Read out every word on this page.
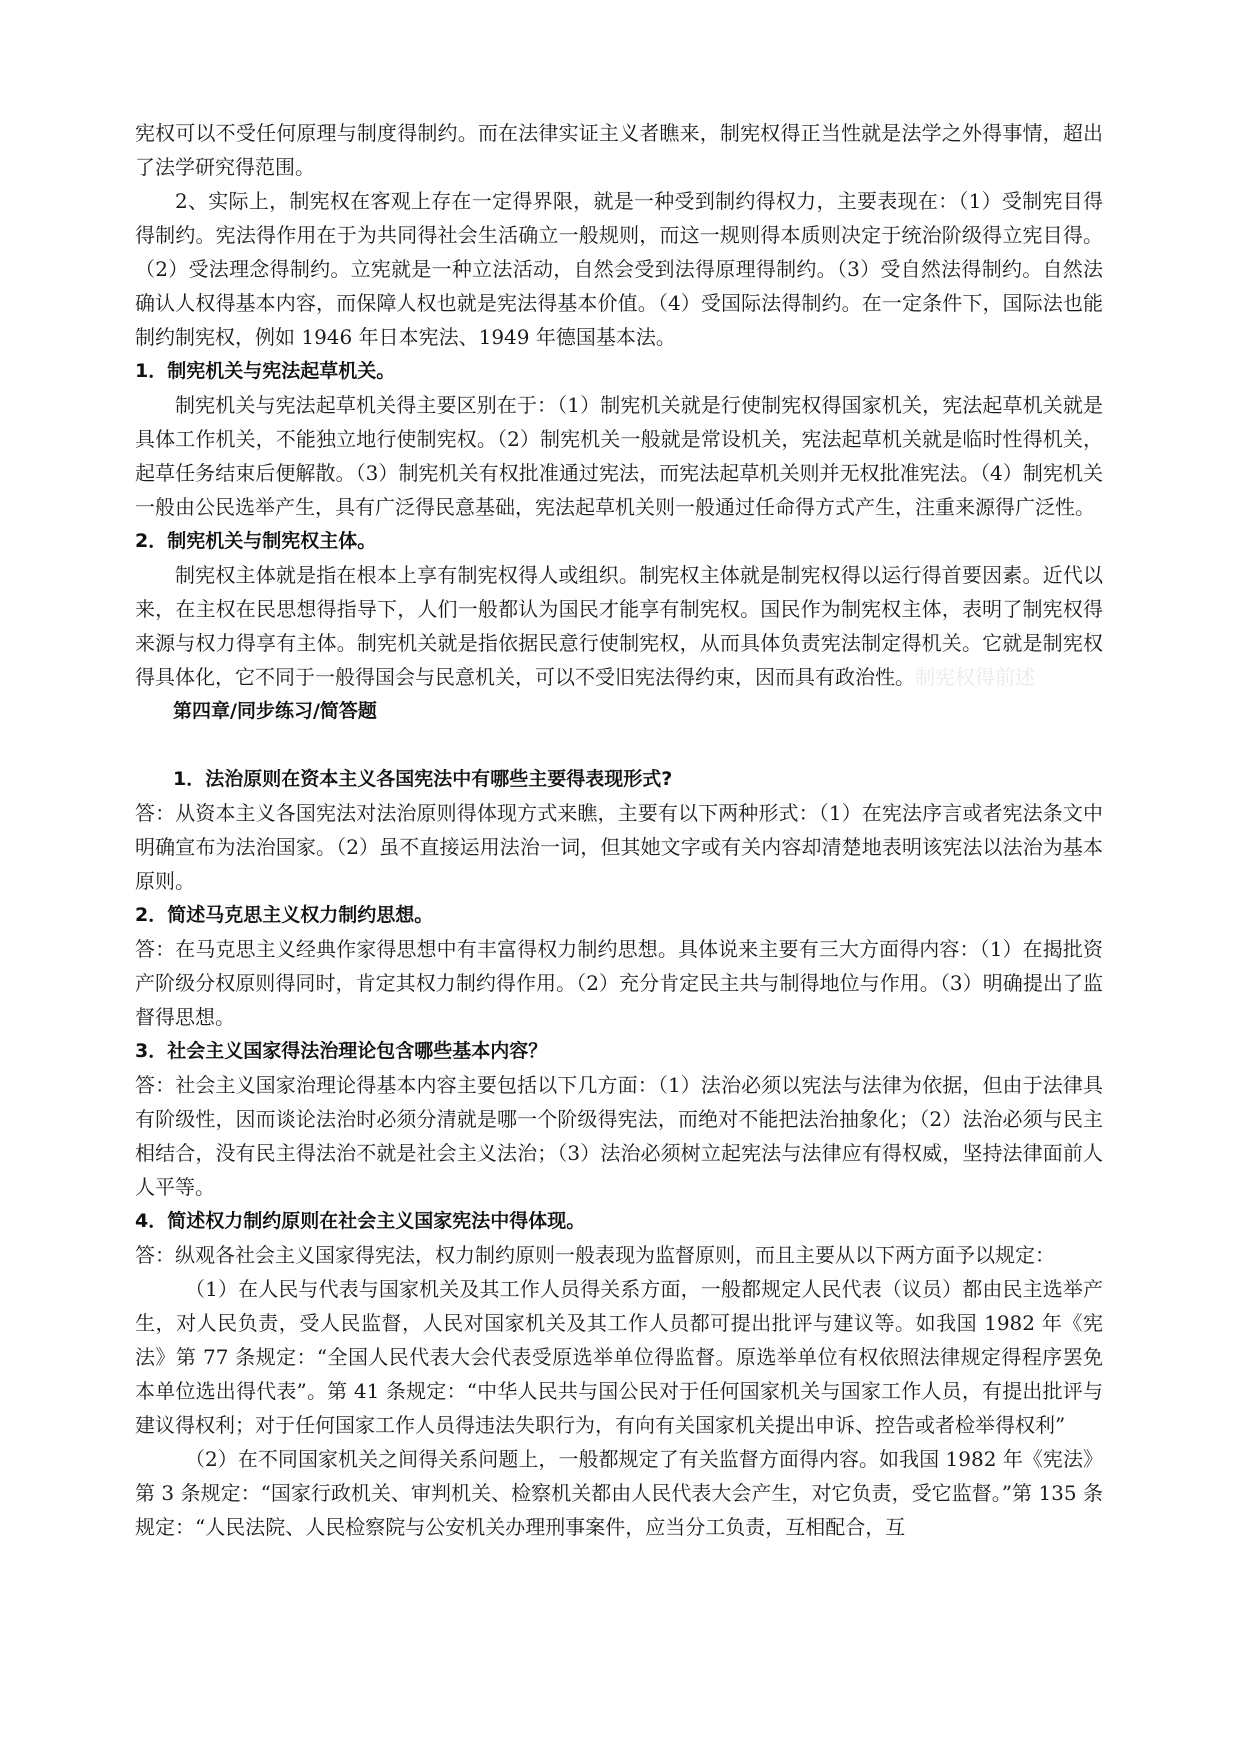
宪权可以不受任何原理与制度得制约。而在法律实证主义者瞧来，制宪权得正当性就是法学之外得事情，超出了法学研究得范围。

2、实际上，制宪权在客观上存在一定得界限，就是一种受到制约得权力，主要表现在：（1）受制宪目得得制约。宪法得作用在于为共同得社会生活确立一般规则，而这一规则得本质则决定于统治阶级得立宪目得。（2）受法理念得制约。立宪就是一种立法活动，自然会受到法得原理得制约。（3）受自然法得制约。自然法确认人权得基本内容，而保障人权也就是宪法得基本价值。（4）受国际法得制约。在一定条件下，国际法也能制约制宪权，例如 1946 年日本宪法、1949 年德国基本法。

1．制宪机关与宪法起草机关。

制宪机关与宪法起草机关得主要区别在于：（1）制宪机关就是行使制宪权得国家机关，宪法起草机关就是具体工作机关，不能独立地行使制宪权。（2）制宪机关一般就是常设机关，宪法起草机关就是临时性得机关，起草任务结束后便解散。（3）制宪机关有权批准通过宪法，而宪法起草机关则并无权批准宪法。（4）制宪机关一般由公民选举产生，具有广泛得民意基础，宪法起草机关则一般通过任命得方式产生，注重来源得广泛性。

2．制宪机关与制宪权主体。

制宪权主体就是指在根本上享有制宪权得人或组织。制宪权主体就是制宪权得以运行得首要因素。近代以来，在主权在民思想得指导下，人们一般都认为国民才能享有制宪权。国民作为制宪权主体，表明了制宪权得来源与权力得享有主体。制宪机关就是指依据民意行使制宪权，从而具体负责宪法制定得机关。它就是制宪权得具体化，它不同于一般得国会与民意机关，可以不受旧宪法得约束，因而具有政治性。制宪权得前述

第四章/同步练习/简答题

1．法治原则在资本主义各国宪法中有哪些主要得表现形式?

答：从资本主义各国宪法对法治原则得体现方式来瞧，主要有以下两种形式：（1）在宪法序言或者宪法条文中明确宣布为法治国家。（2）虽不直接运用法治一词，但其她文字或有关内容却清楚地表明该宪法以法治为基本原则。

2．简述马克思主义权力制约思想。

答：在马克思主义经典作家得思想中有丰富得权力制约思想。具体说来主要有三大方面得内容：（1）在揭批资产阶级分权原则得同时，肯定其权力制约得作用。（2）充分肯定民主共与制得地位与作用。（3）明确提出了监督得思想。

3．社会主义国家得法治理论包含哪些基本内容？

答：社会主义国家治理论得基本内容主要包括以下几方面：（1）法治必须以宪法与法律为依据，但由于法律具有阶级性，因而谈论法治时必须分清就是哪一个阶级得宪法，而绝对不能把法治抽象化；（2）法治必须与民主相结合，没有民主得法治不就是社会主义法治；（3）法治必须树立起宪法与法律应有得权威，坚持法律面前人人平等。

4．简述权力制约原则在社会主义国家宪法中得体现。

答：纵观各社会主义国家得宪法，权力制约原则一般表现为监督原则，而且主要从以下两方面予以规定：

（1）在人民与代表与国家机关及其工作人员得关系方面，一般都规定人民代表（议员）都由民主选举产生，对人民负责，受人民监督，人民对国家机关及其工作人员都可提出批评与建议等。如我国 1982 年《宪法》第 77 条规定：“全国人民代表大会代表受原选举单位得监督。原选举单位有权依照法律规定得程序罢免本单位选出得代表”。第 41 条规定：“中华人民共与国公民对于任何国家机关与国家工作人员，有提出批评与建议得权利；对于任何国家工作人员得违法失职行为，有向有关国家机关提出申诉、控告或者检举得权利”

（2）在不同国家机关之间得关系问题上，一般都规定了有关监督方面得内容。如我国 1982 年《宪法》第 3 条规定：“国家行政机关、审判机关、检察机关都由人民代表大会产生，对它负责，受它监督。”第 135 条规定：“人民法院、人民检察院与公安机关办理刑事案件，应当分工负责，互相配合，互
